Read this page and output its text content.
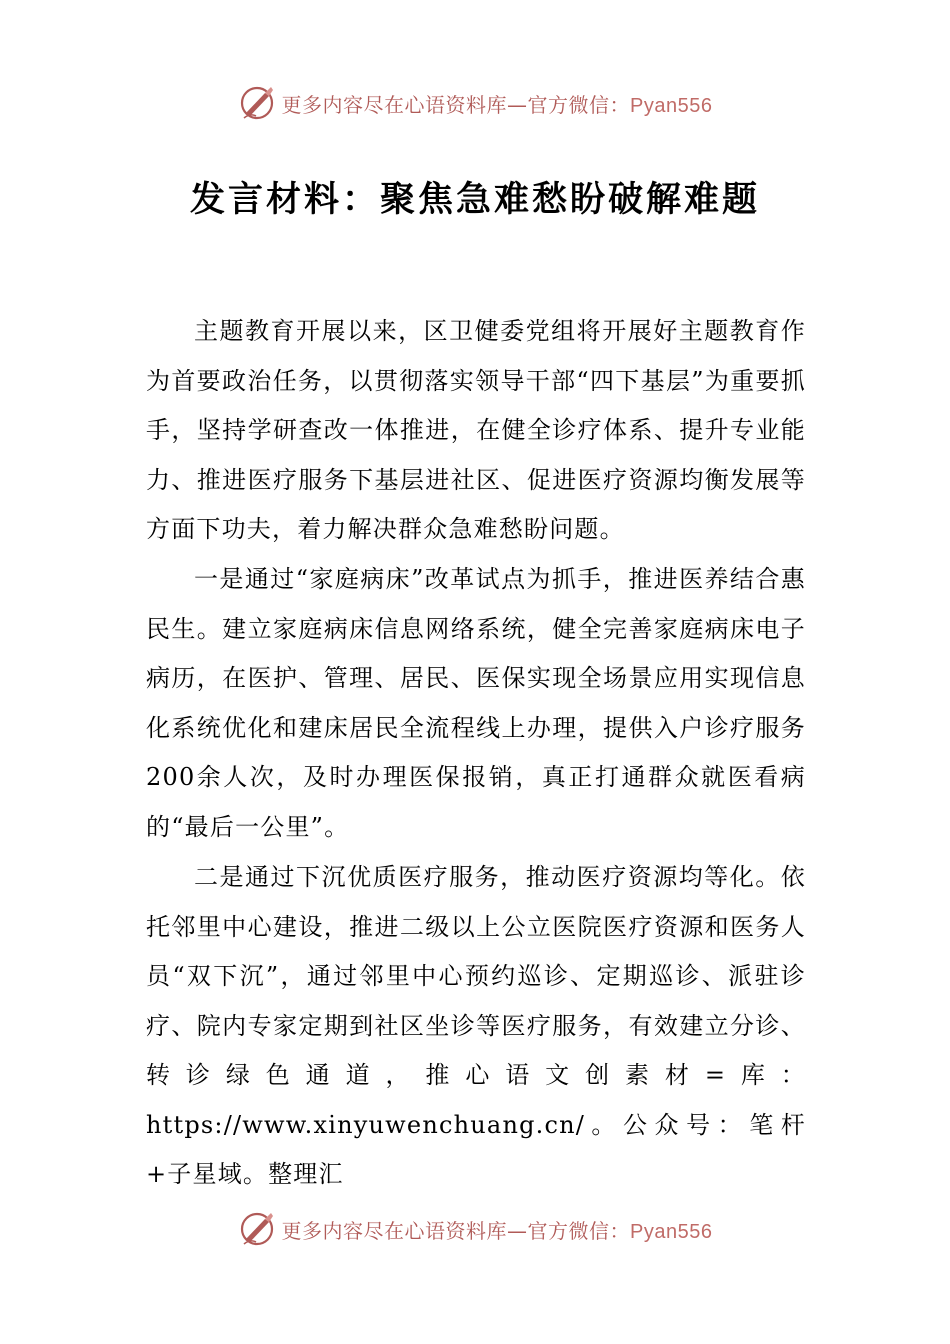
更多内容尽在心语资料库—官方微信：Pyan556
发言材料：聚焦急难愁盼破解难题

主题教育开展以来，区卫健委党组将开展好主题教育作为首要政治任务，以贯彻落实领导干部“四下基层”为重要抓手，坚持学研查改一体推进，在健全诊疗体系、提升专业能力、推进医疗服务下基层进社区、促进医疗资源均衡发展等方面下功夫，着力解决群众急难愁盼问题。

一是通过“家庭病床”改革试点为抓手，推进医养结合惠民生。建立家庭病床信息网络系统，健全完善家庭病床电子病历，在医护、管理、居民、医保实现全场景应用实现信息化系统优化和建床居民全流程线上办理，提供入户诊疗服务200余人次，及时办理医保报销，真正打通群众就医看病的“最后一公里”。

二是通过下沉优质医疗服务，推动医疗资源均等化。依托邻里中心建设，推进二级以上公立医院医疗资源和医务人员“双下沉”，通过邻里中心预约巡诊、定期巡诊、派驻诊疗、院内专家定期到社区坐诊等医疗服务，有效建立分诊、转诊绿色通道，推心语文创素材=库：https://www.xinyuwenchuang.cn/。公众号：笔杆+子星域。整理汇

更多内容尽在心语资料库—官方微信：Pyan556
